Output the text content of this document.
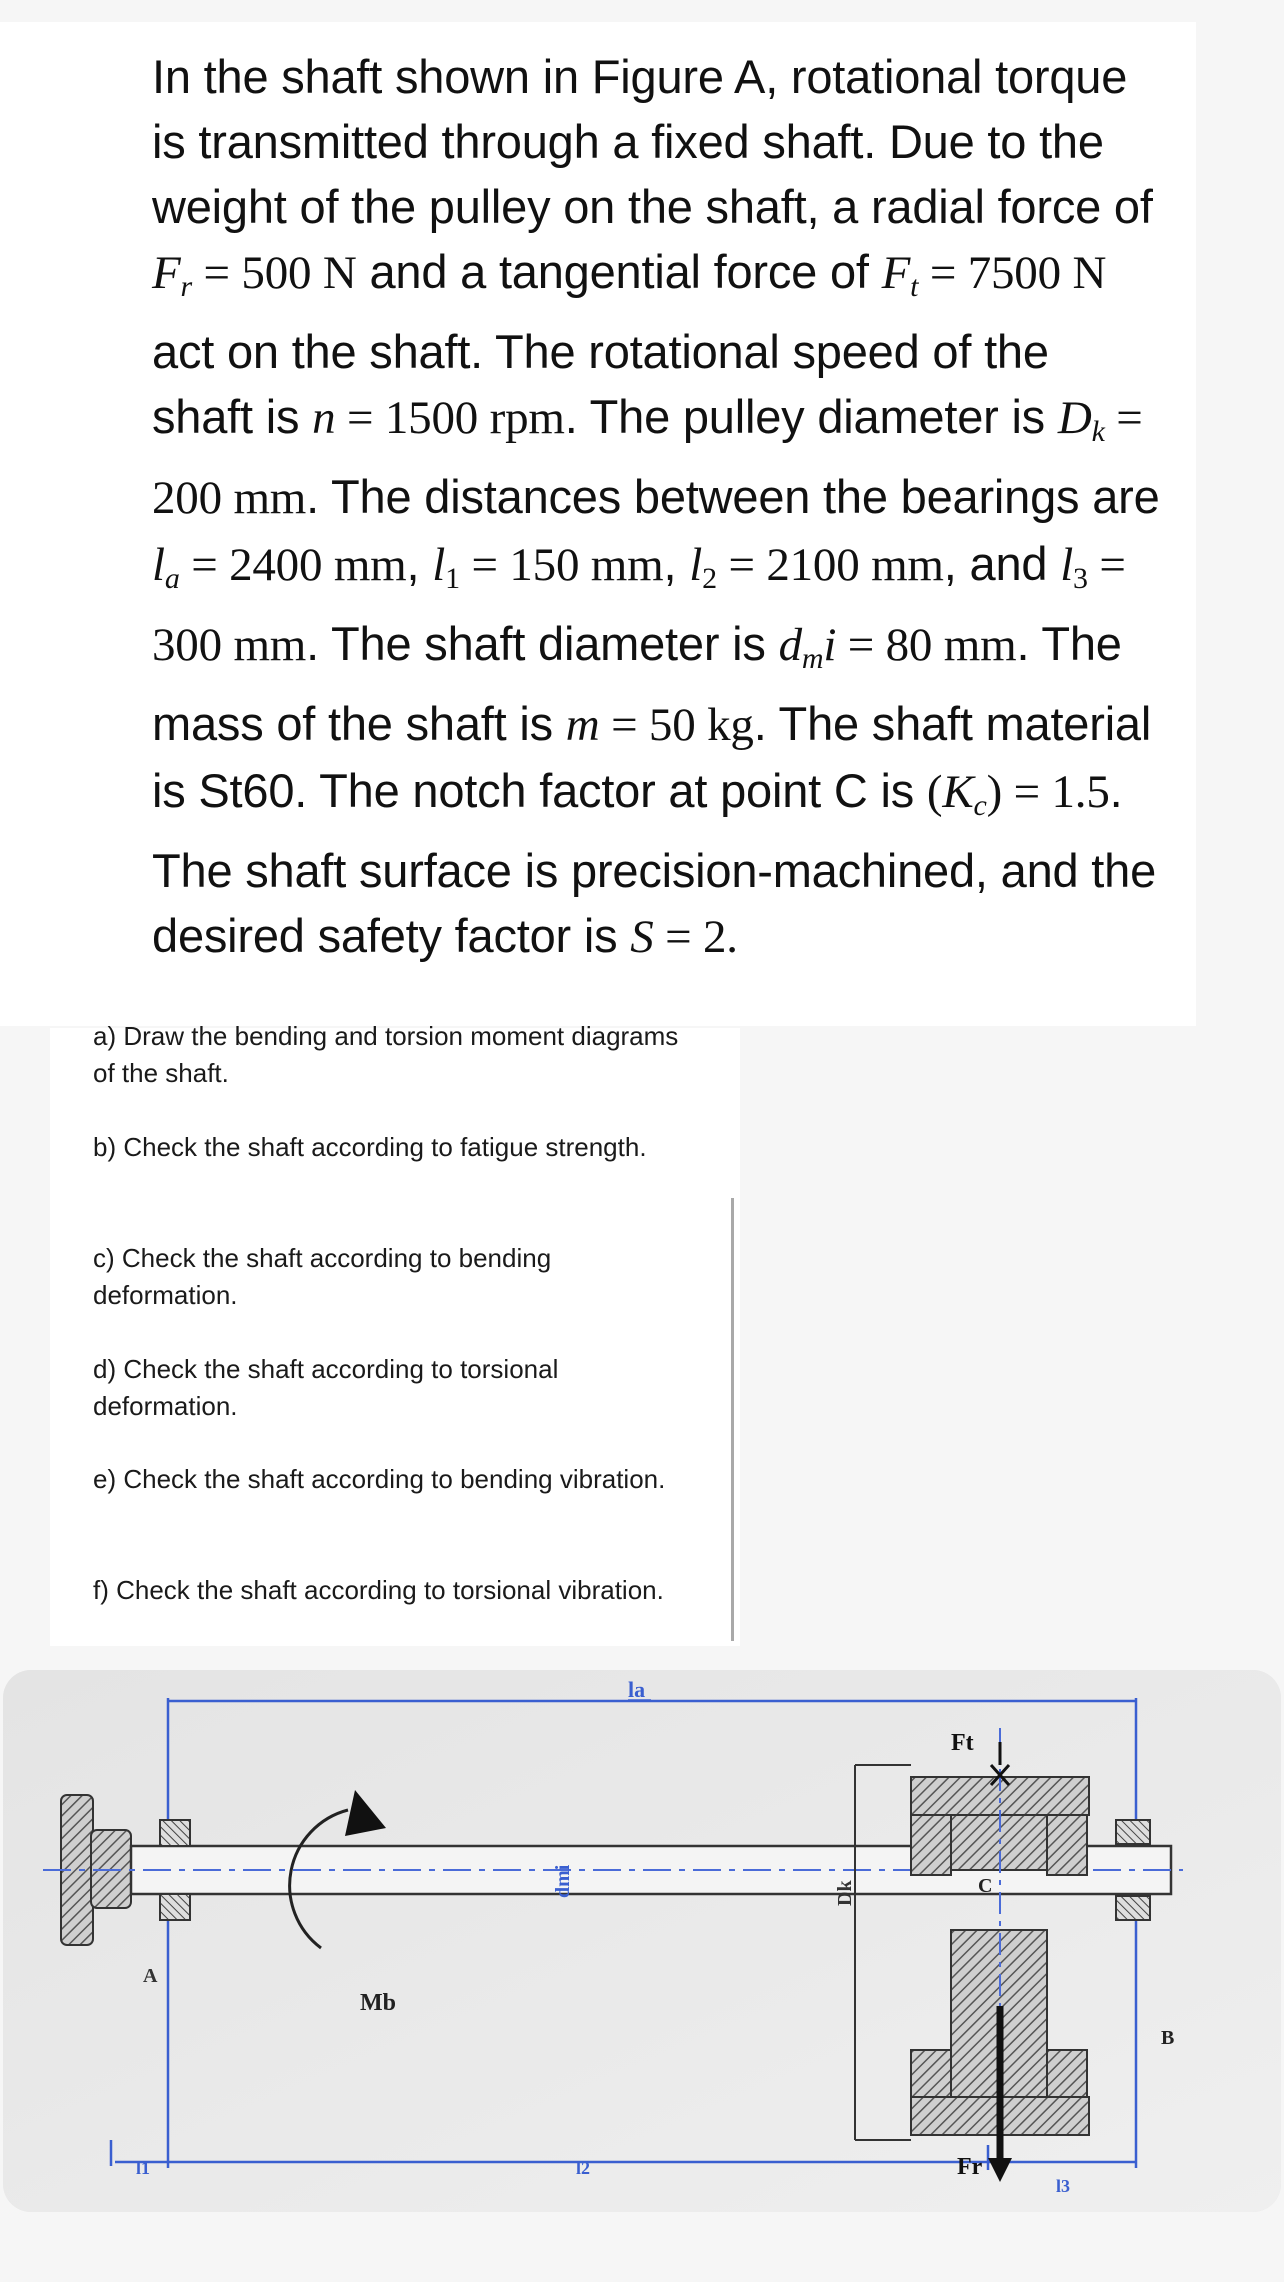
In the shaft shown in Figure A, rotational torque is transmitted through a fixed shaft. Due to the weight of the pulley on the shaft, a radial force of Fr = 500 N and a tangential force of Ft = 7500 N act on the shaft. The rotational speed of the shaft is n = 1500 rpm. The pulley diameter is Dk = 200 mm. The distances between the bearings are la = 2400 mm, $l_1 = 150$ mm, $l_2 = 2100$ mm, and $l_3 = 300$ mm. The shaft diameter is dmi = 80 mm. The mass of the shaft is m = 50 kg. The shaft material is St60. The notch factor at point C is (Kc) = 1.5. The shaft surface is precision-machined, and the desired safety factor is S = 2.

a) Draw the bending and torsion moment diagrams of the shaft.
b) Check the shaft according to fatigue strength.
c) Check the shaft according to bending deformation.
d) Check the shaft according to torsional deformation.
e) Check the shaft according to bending vibration.
f) Check the shaft according to torsional vibration.
la
A
B
Mb
dmi	Dk
Ft
C
Fr
l1	l2
l3
